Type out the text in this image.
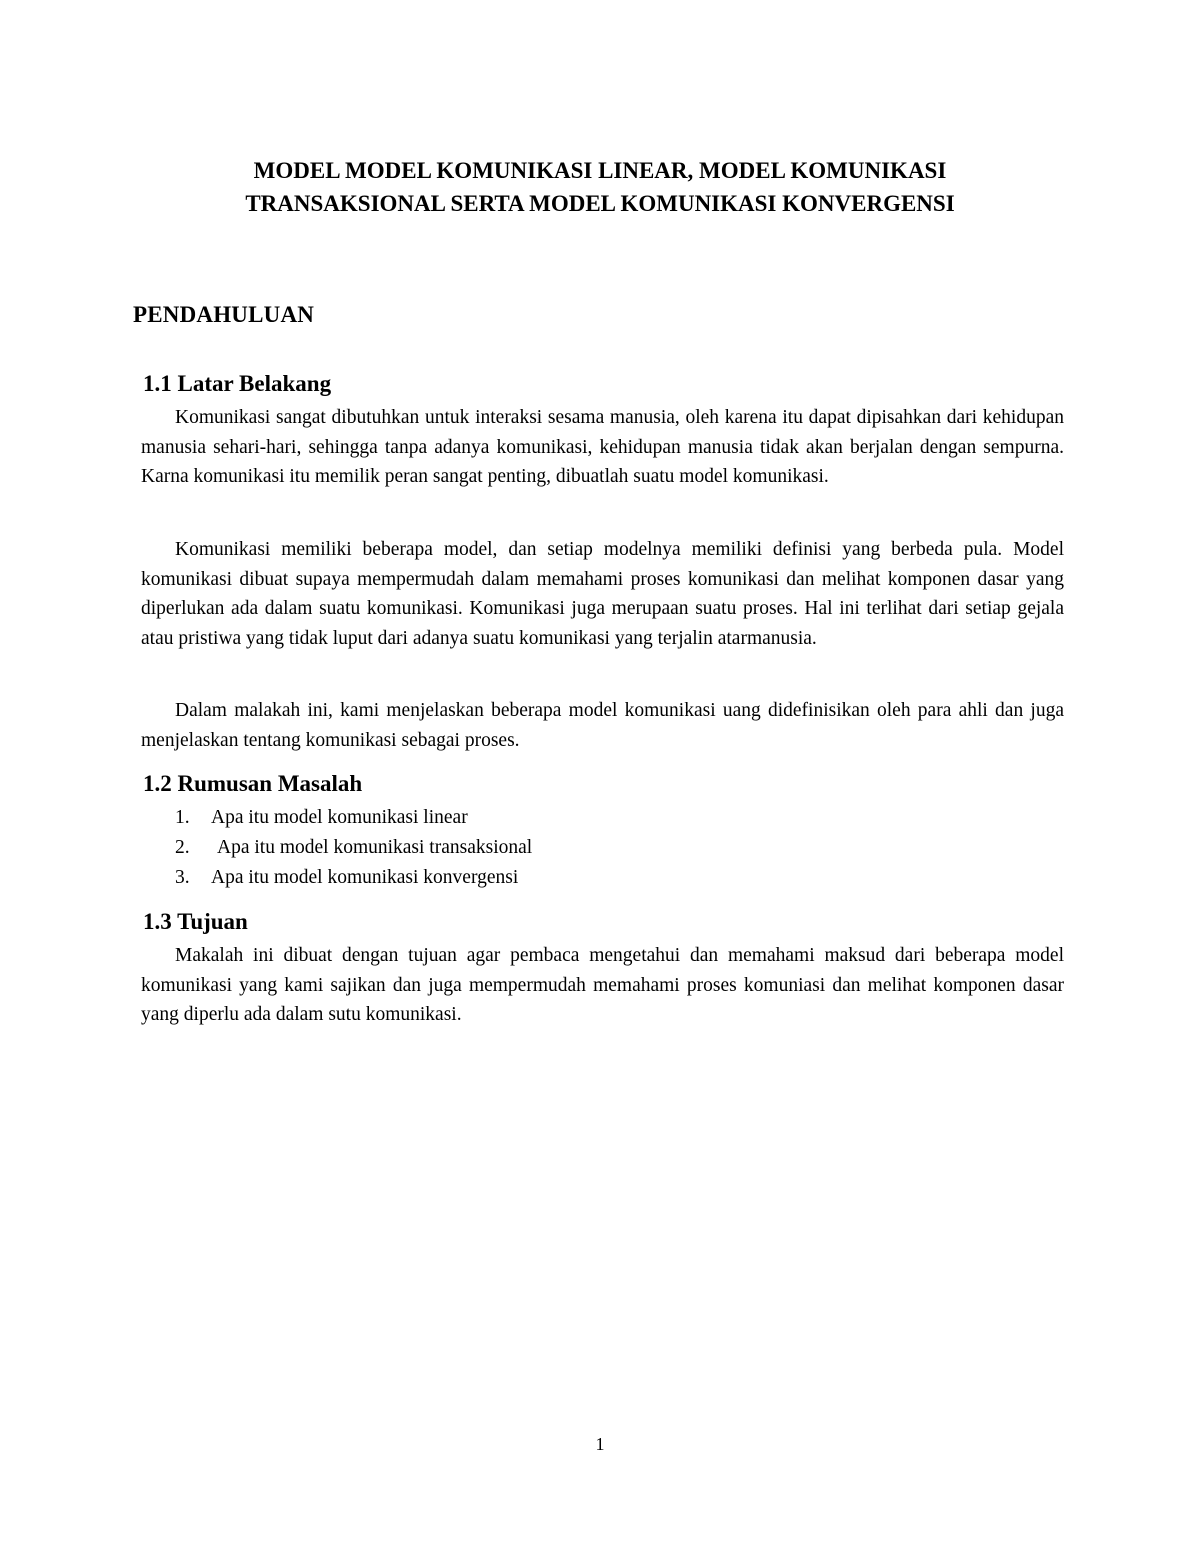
MODEL MODEL KOMUNIKASI LINEAR, MODEL KOMUNIKASI
TRANSAKSIONAL SERTA MODEL KOMUNIKASI KONVERGENSI
PENDAHULUAN
1.1 Latar Belakang

Komunikasi sangat dibutuhkan untuk interaksi sesama manusia, oleh karena itu dapat dipisahkan dari kehidupan manusia sehari-hari, sehingga tanpa adanya komunikasi, kehidupan manusia tidak akan berjalan dengan sempurna. Karna komunikasi itu memilik peran sangat penting, dibuatlah suatu model komunikasi.

Komunikasi memiliki beberapa model, dan setiap modelnya memiliki definisi yang berbeda pula. Model komunikasi dibuat supaya mempermudah dalam memahami proses komunikasi dan melihat komponen dasar yang diperlukan ada dalam suatu komunikasi. Komunikasi juga merupaan suatu proses. Hal ini terlihat dari setiap gejala atau pristiwa yang tidak luput dari adanya suatu komunikasi yang terjalin atarmanusia.

Dalam malakah ini, kami menjelaskan beberapa model komunikasi uang didefinisikan oleh para ahli dan juga menjelaskan tentang komunikasi sebagai proses.

1.2 Rumusan Masalah
1.	Apa itu model komunikasi linear
2.	Apa itu model komunikasi transaksional
3.	Apa itu model komunikasi konvergensi
1.3 Tujuan

Makalah ini dibuat dengan tujuan agar pembaca mengetahui dan memahami maksud dari beberapa model komunikasi yang kami sajikan dan juga mempermudah memahami proses komuniasi dan melihat komponen dasar yang diperlu ada dalam sutu komunikasi.

1
